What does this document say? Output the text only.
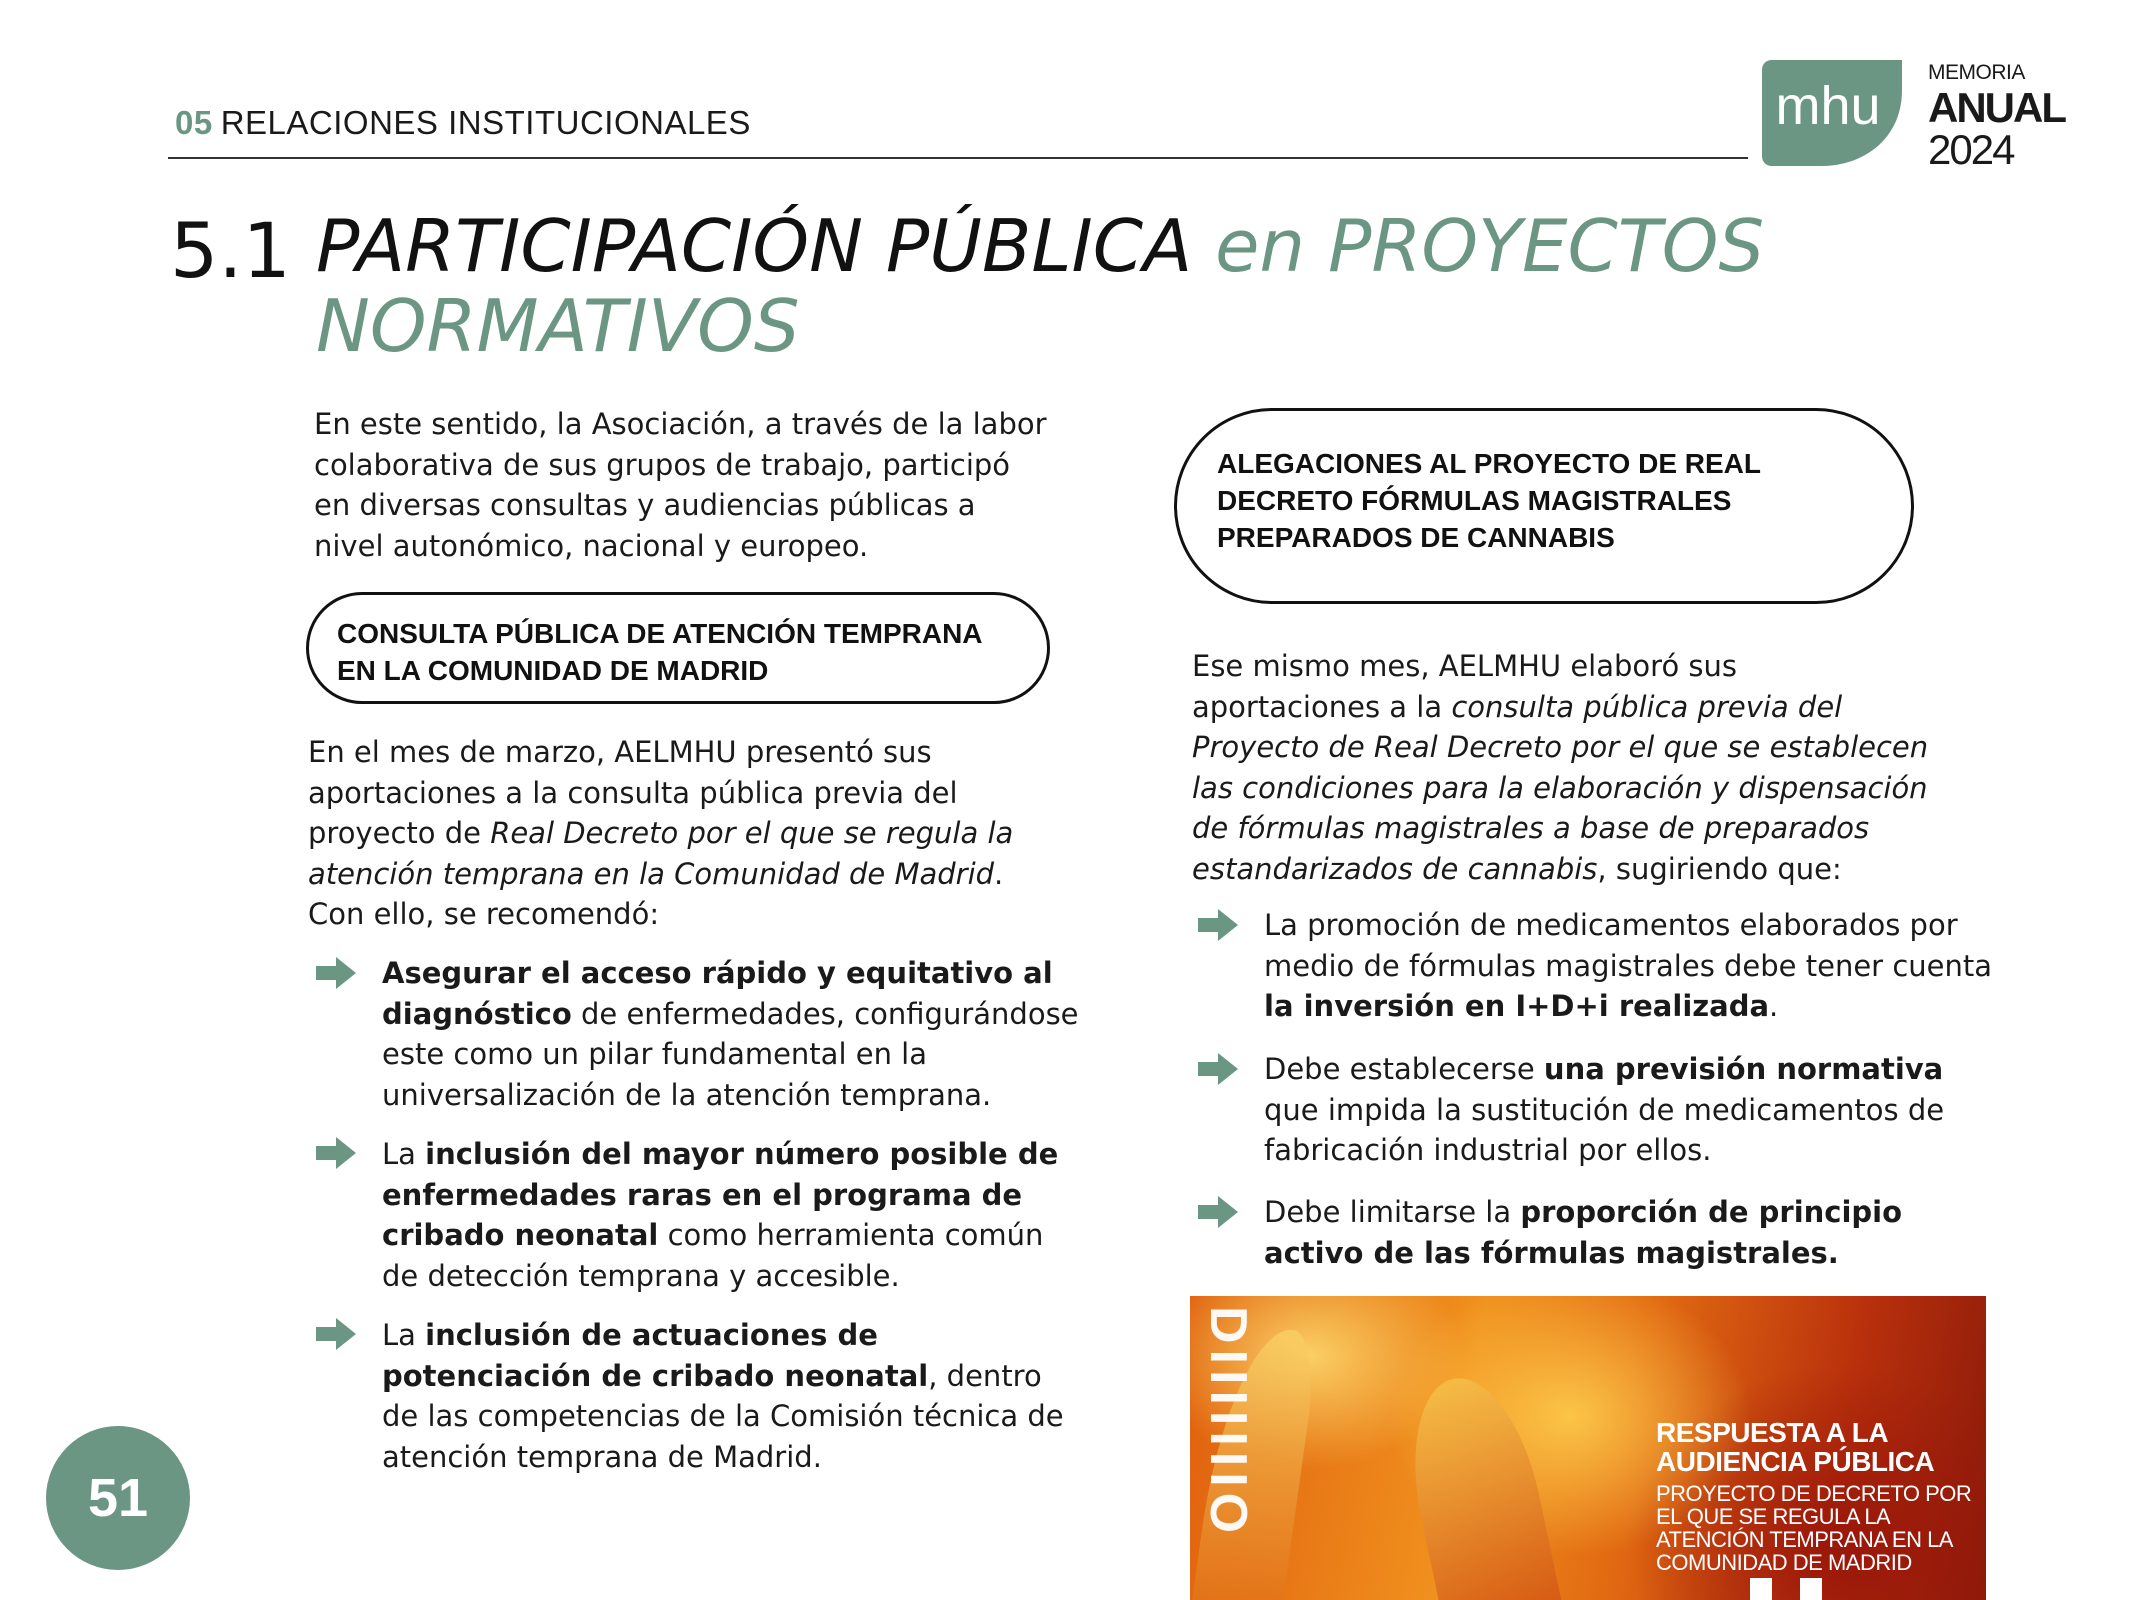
05 RELACIONES INSTITUCIONALES	mhu
MEMORIA
ANUAL
2024
5.1 PARTICIPACIÓN PÚBLICA en PROYECTOS
NORMATIVOS
En este sentido, la Asociación, a través de la labor colaborativa de sus grupos de trabajo, participó en diversas consultas y audiencias públicas a nivel autonómico, nacional y europeo.
CONSULTA PÚBLICA DE ATENCIÓN TEMPRANA EN LA COMUNIDAD DE MADRID
En el mes de marzo, AELMHU presentó sus aportaciones a la consulta pública previa del proyecto de Real Decreto por el que se regula la atención temprana en la Comunidad de Madrid. Con ello, se recomendó:
Asegurar el acceso rápido y equitativo al diagnóstico de enfermedades, configurándose este como un pilar fundamental en la universalización de la atención temprana.
La inclusión del mayor número posible de enfermedades raras en el programa de cribado neonatal como herramienta común de detección temprana y accesible.
La inclusión de actuaciones de potenciación de cribado neonatal, dentro de las competencias de la Comisión técnica de atención temprana de Madrid.
ALEGACIONES AL PROYECTO DE REAL DECRETO FÓRMULAS MAGISTRALES PREPARADOS DE CANNABIS
Ese mismo mes, AELMHU elaboró sus aportaciones a la consulta pública previa del Proyecto de Real Decreto por el que se establecen las condiciones para la elaboración y dispensación de fórmulas magistrales a base de preparados estandarizados de cannabis, sugiriendo que:
La promoción de medicamentos elaborados por medio de fórmulas magistrales debe tener cuenta la inversión en I+D+i realizada.
Debe establecerse una previsión normativa que impida la sustitución de medicamentos de fabricación industrial por ellos.
Debe limitarse la proporción de principio activo de las fórmulas magistrales.
DIIIIIIIO	RESPUESTA A LA AUDIENCIA PÚBLICA
PROYECTO DE DECRETO POR EL QUE SE REGULA LA ATENCIÓN TEMPRANA EN LA COMUNIDAD DE MADRID
51
